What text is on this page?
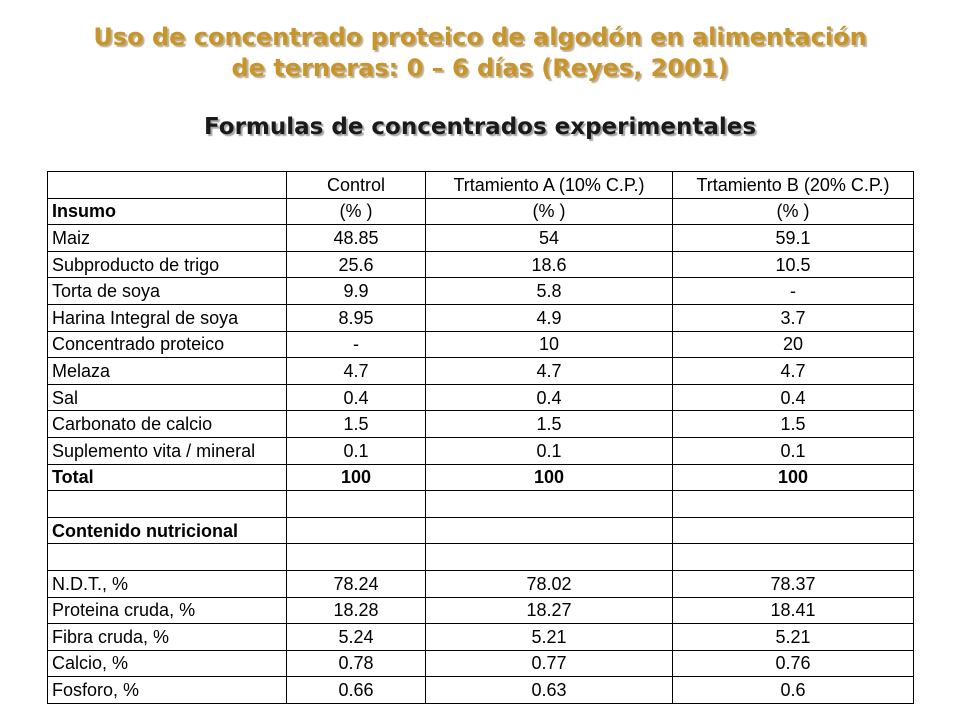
Uso de concentrado proteico de algodón en alimentación
de terneras: 0 – 6 días (Reyes, 2001)
Formulas de concentrados experimentales
	Control	Trtamiento A (10% C.P.)	Trtamiento B (20% C.P.)
Insumo	(% )	(% )	(% )
Maiz	48.85	54	59.1
Subproducto de trigo	25.6	18.6	10.5
Torta de soya	9.9	5.8	-
Harina Integral de soya	8.95	4.9	3.7
Concentrado proteico	-	10	20
Melaza	4.7	4.7	4.7
Sal	0.4	0.4	0.4
Carbonato de calcio	1.5	1.5	1.5
Suplemento vita / mineral	0.1	0.1	0.1
Total	100	100	100

Contenido nutricional			

N.D.T., %	78.24	78.02	78.37
Proteina cruda, %	18.28	18.27	18.41
Fibra cruda, %	5.24	5.21	5.21
Calcio, %	0.78	0.77	0.76
Fosforo, %	0.66	0.63	0.6
